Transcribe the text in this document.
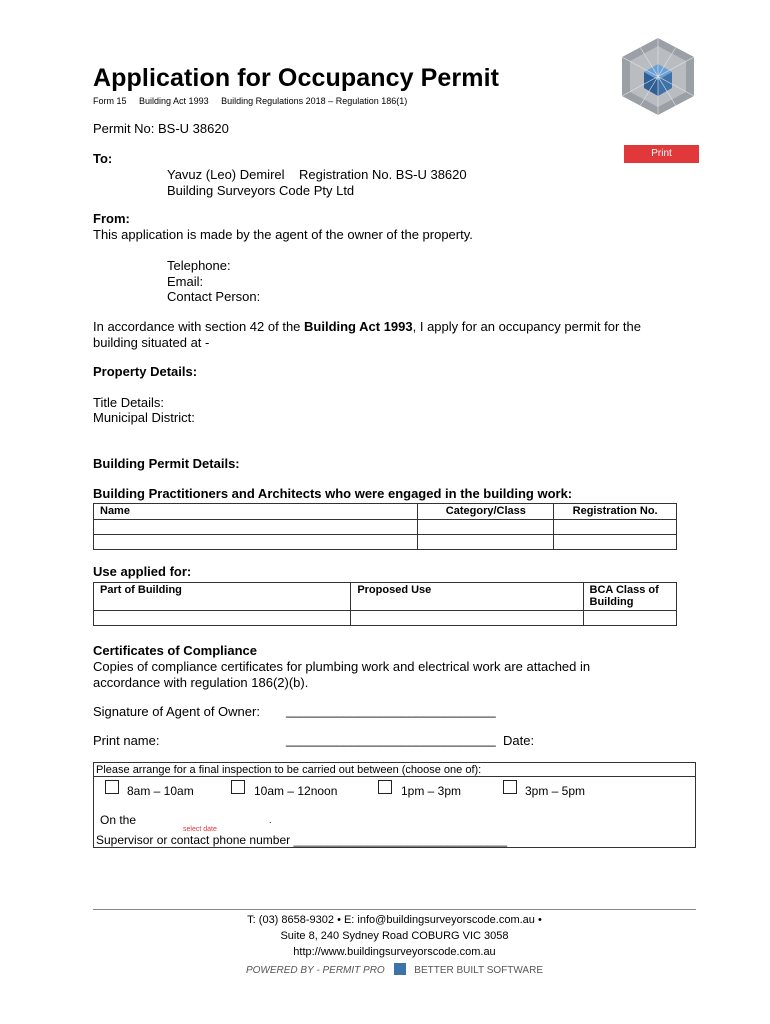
Application for Occupancy Permit
Form 15 Building Act 1993 Building Regulations 2018 – Regulation 186(1)
Permit No: BS-U 38620
Print
To:
Yavuz (Leo) Demirel    Registration No. BS-U 38620
Building Surveyors Code Pty Ltd
From:
This application is made by the agent of the owner of the property.
Telephone:
Email:
Contact Person:
In accordance with section 42 of the Building Act 1993, I apply for an occupancy permit for the
building situated at -
Property Details:
Title Details:
Municipal District:
Building Permit Details:
Building Practitioners and Architects who were engaged in the building work:
Name	Category/Class	Registration No.

Use applied for:
Part of Building	Proposed Use	BCA Class of Building

Certificates of Compliance
Copies of compliance certificates for plumbing work and electrical work are attached in
accordance with regulation 186(2)(b).
Signature of Agent of Owner: _____________________________
Print name:	_____________________________ Date:
Please arrange for a final inspection to be carried out between (choose one of):
8am – 10am	10am – 12noon	1pm – 3pm	3pm – 5pm
On the
select date
.
Supervisor or contact phone number ________________________________
T: (03) 8658-9302 • E: info@buildingsurveyorscode.com.au •
Suite 8, 240 Sydney Road COBURG VIC 3058
http://www.buildingsurveyorscode.com.au
POWERED BY - PERMIT PRO	BETTER BUILT SOFTWARE
